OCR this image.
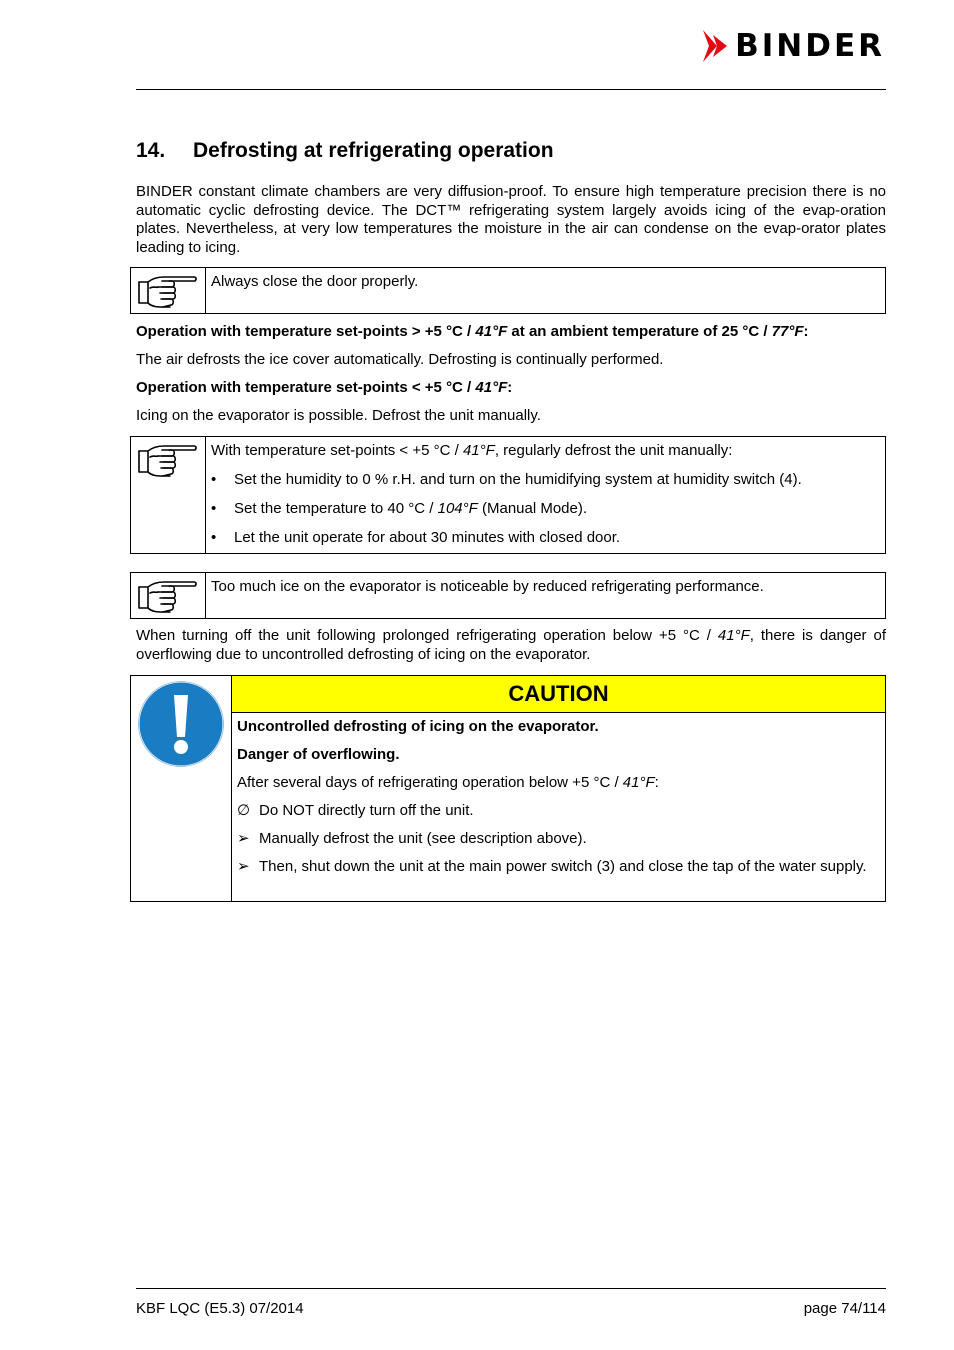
BINDER
14. Defrosting at refrigerating operation
BINDER constant climate chambers are very diffusion-proof. To ensure high temperature precision there is no automatic cyclic defrosting device. The DCT™ refrigerating system largely avoids icing of the evap-oration plates. Nevertheless, at very low temperatures the moisture in the air can condense on the evap-orator plates leading to icing.
Always close the door properly.
Operation with temperature set-points > +5 °C / 41°F at an ambient temperature of 25 °C / 77°F:
The air defrosts the ice cover automatically. Defrosting is continually performed.
Operation with temperature set-points < +5 °C / 41°F:
Icing on the evaporator is possible. Defrost the unit manually.
With temperature set-points < +5 °C / 41°F, regularly defrost the unit manually:
•	Set the humidity to 0 % r.H. and turn on the humidifying system at humidity switch (4).
•	Set the temperature to 40 °C / 104°F (Manual Mode).
•	Let the unit operate for about 30 minutes with closed door.
Too much ice on the evaporator is noticeable by reduced refrigerating performance.
When turning off the unit following prolonged refrigerating operation below +5 °C / 41°F, there is danger of overflowing due to uncontrolled defrosting of icing on the evaporator.
CAUTION
Uncontrolled defrosting of icing on the evaporator.
Danger of overflowing.
After several days of refrigerating operation below +5 °C / 41°F:
∅ Do NOT directly turn off the unit.
➢ Manually defrost the unit (see description above).
➢ Then, shut down the unit at the main power switch (3) and close the tap of the water supply.
KBF LQC (E5.3) 07/2014	page 74/114
